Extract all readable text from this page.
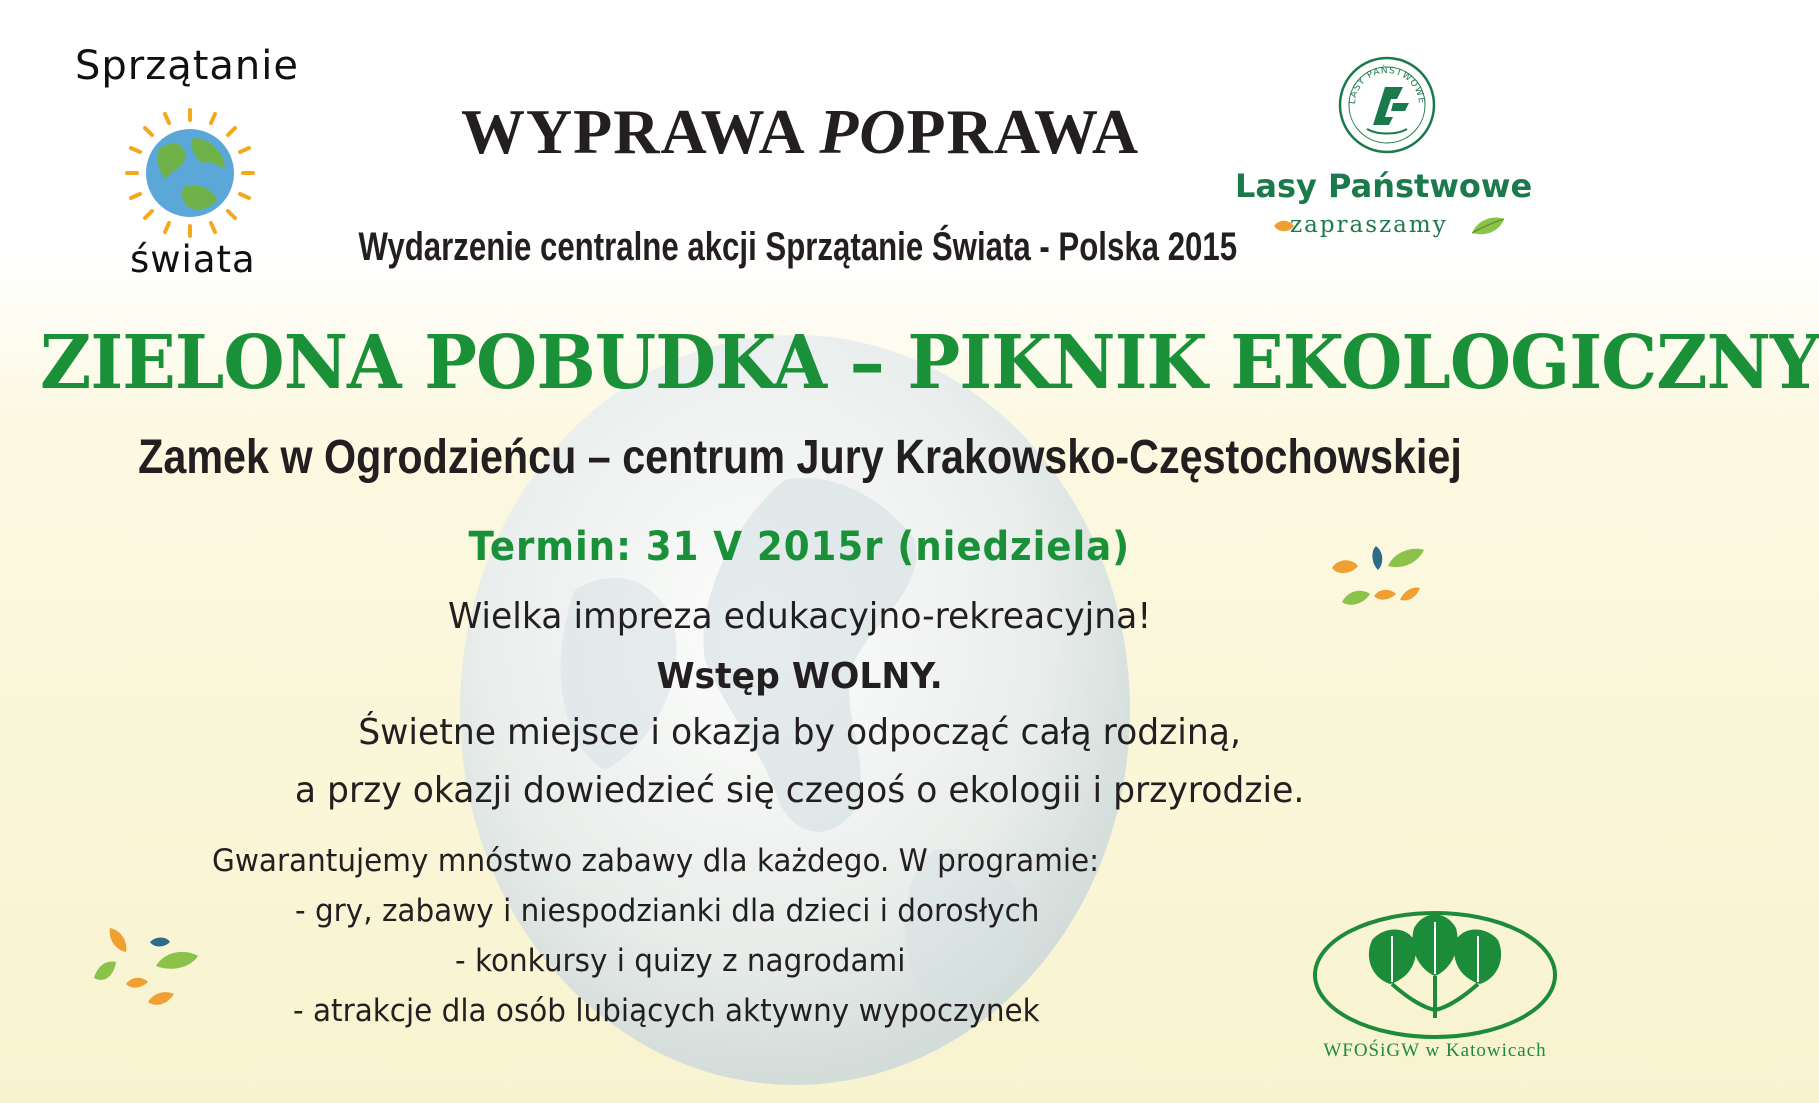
Sprzątanie
świata
LASY PAŃSTWOWE
Lasy Państwowe
zapraszamy
WYPRAWA POPRAWA
Wydarzenie centralne akcji Sprzątanie Świata - Polska 2015
ZIELONA POBUDKA – PIKNIK EKOLOGICZNY
Zamek w Ogrodzieńcu – centrum Jury Krakowsko-Częstochowskiej
Termin: 31 V 2015r (niedziela)
Wielka impreza edukacyjno-rekreacyjna!
Wstęp WOLNY.
Świetne miejsce i okazja by odpocząć całą rodziną,
a przy okazji dowiedzieć się czegoś o ekologii i przyrodzie.
Gwarantujemy mnóstwo zabawy dla każdego. W programie:
- gry, zabawy i niespodzianki dla dzieci i dorosłych
- konkursy i quizy z nagrodami
- atrakcje dla osób lubiących aktywny wypoczynek
WFOŚiGW w Katowicach
